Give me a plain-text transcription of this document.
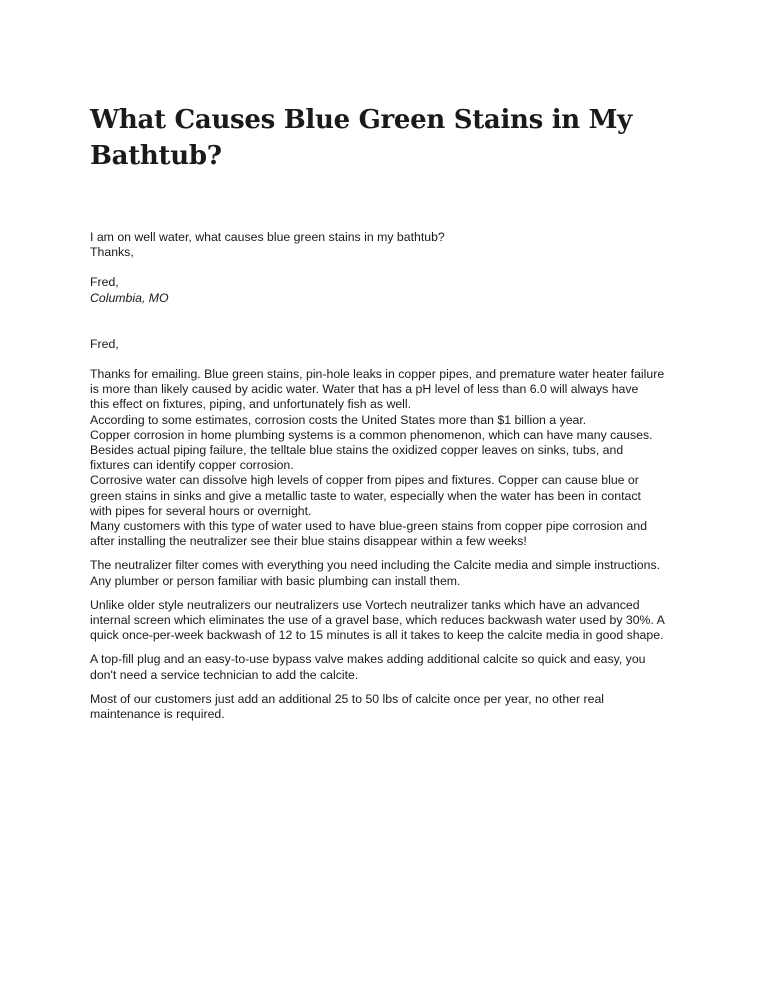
What Causes Blue Green Stains in My Bathtub?
I am on well water, what causes blue green stains in my bathtub?
Thanks,
Fred,
Columbia, MO
Fred,
Thanks for emailing. Blue green stains, pin-hole leaks in copper pipes, and premature water heater failure
is more than likely caused by acidic water. Water that has a pH level of less than 6.0 will always have
this effect on fixtures, piping, and unfortunately fish as well.
According to some estimates, corrosion costs the United States more than $1 billion a year.
Copper corrosion in home plumbing systems is a common phenomenon, which can have many causes.
Besides actual piping failure, the telltale blue stains the oxidized copper leaves on sinks, tubs, and
fixtures can identify copper corrosion.
Corrosive water can dissolve high levels of copper from pipes and fixtures. Copper can cause blue or
green stains in sinks and give a metallic taste to water, especially when the water has been in contact
with pipes for several hours or overnight.
Many customers with this type of water used to have blue-green stains from copper pipe corrosion and
after installing the neutralizer see their blue stains disappear within a few weeks!
The neutralizer filter comes with everything you need including the Calcite media and simple instructions.
Any plumber or person familiar with basic plumbing can install them.
Unlike older style neutralizers our neutralizers use Vortech neutralizer tanks which have an advanced
internal screen which eliminates the use of a gravel base, which reduces backwash water used by 30%. A
quick once-per-week backwash of 12 to 15 minutes is all it takes to keep the calcite media in good shape.
A top-fill plug and an easy-to-use bypass valve makes adding additional calcite so quick and easy, you
don't need a service technician to add the calcite.
Most of our customers just add an additional 25 to 50 lbs of calcite once per year, no other real
maintenance is required.
